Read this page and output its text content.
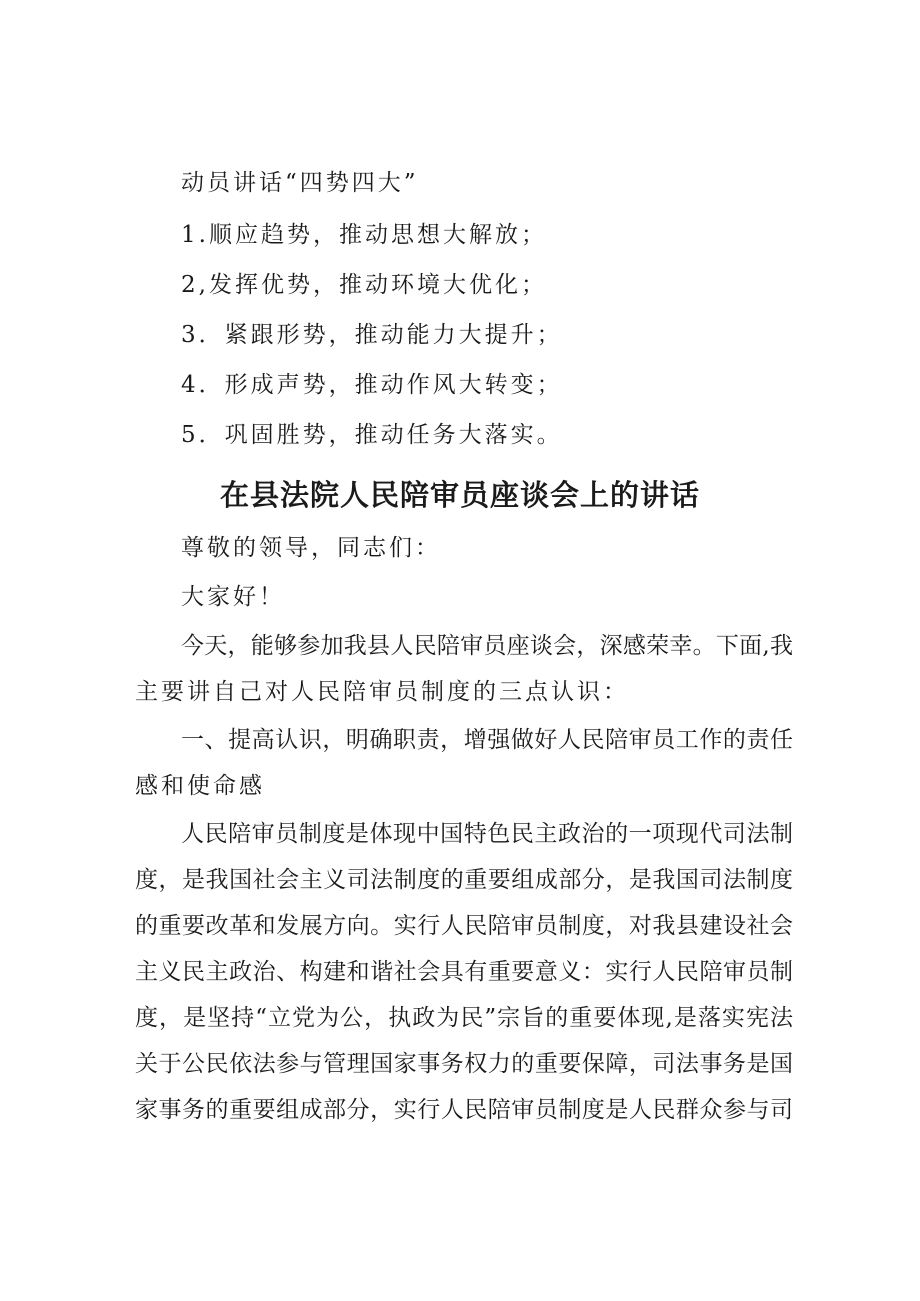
动员讲话“四势四大”
1.顺应趋势，推动思想大解放；
2,发挥优势，推动环境大优化；
3．紧跟形势，推动能力大提升；
4．形成声势，推动作风大转变；
5．巩固胜势，推动任务大落实。
在县法院人民陪审员座谈会上的讲话
尊敬的领导，同志们：
大家好！
今天，能够参加我县人民陪审员座谈会，深感荣幸。下面,我
主要讲自己对人民陪审员制度的三点认识：
一、提高认识，明确职责，增强做好人民陪审员工作的责任
感和使命感
人民陪审员制度是体现中国特色民主政治的一项现代司法制
度，是我国社会主义司法制度的重要组成部分，是我国司法制度
的重要改革和发展方向。实行人民陪审员制度，对我县建设社会
主义民主政治、构建和谐社会具有重要意义：实行人民陪审员制
度，是坚持“立党为公，执政为民”宗旨的重要体现,是落实宪法
关于公民依法参与管理国家事务权力的重要保障，司法事务是国
家事务的重要组成部分，实行人民陪审员制度是人民群众参与司
